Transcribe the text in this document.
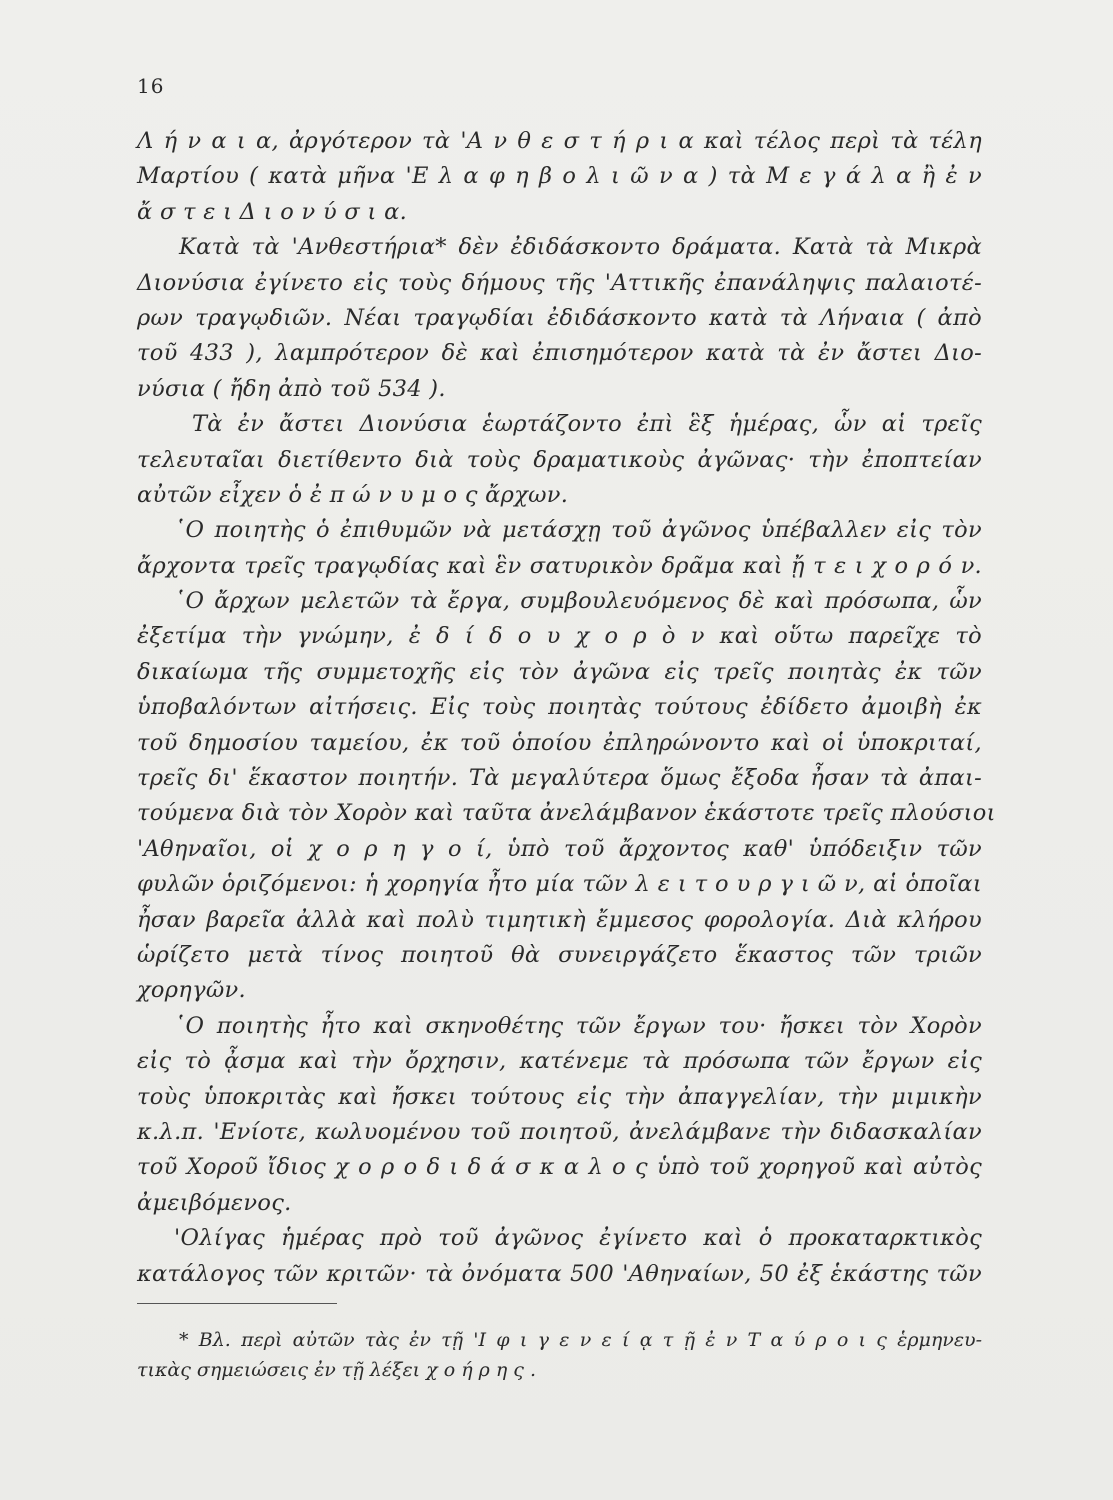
16
Λ ή ν α ι α, ἀργότερον τὰ 'Α ν θ ε σ τ ή ρ ι α καὶ τέλος περὶ τὰ τέλη
Μαρτίου ( κατὰ μῆνα 'Ε λ α φ η β ο λ ι ῶ ν α ) τὰ Μ ε γ ά λ α ἢ ἐ ν
ἄ σ τ ε ι Δ ι ο ν ύ σ ι α.
Κατὰ τὰ 'Ανθεστήρια* δὲν ἐδιδάσκοντο δράματα. Κατὰ τὰ Μικρὰ
Διονύσια ἐγίνετο εἰς τοὺς δήμους τῆς 'Αττικῆς ἐπανάληψις παλαιοτέ-
ρων τραγῳδιῶν. Νέαι τραγῳδίαι ἐδιδάσκοντο κατὰ τὰ Λήναια ( ἀπὸ
τοῦ 433 ), λαμπρότερον δὲ καὶ ἐπισημότερον κατὰ τὰ ἐν ἄστει Διο-
νύσια ( ἤδη ἀπὸ τοῦ 534 ).
Τὰ ἐν ἄστει Διονύσια ἑωρτάζοντο ἐπὶ ἓξ ἡμέρας, ὧν αἱ τρεῖς
τελευταῖαι διετίθεντο διὰ τοὺς δραματικοὺς ἀγῶνας· τὴν ἐποπτείαν
αὐτῶν εἶχεν ὁ ἐ π ώ ν υ μ ο ς ἄρχων.
῾Ο ποιητὴς ὁ ἐπιθυμῶν νὰ μετάσχῃ τοῦ ἀγῶνος ὑπέβαλλεν εἰς τὸν
ἄρχοντα τρεῖς τραγῳδίας καὶ ἓν σατυρικὸν δρᾶμα καὶ ᾔ τ ε ι χ ο ρ ό ν.
῾Ο ἄρχων μελετῶν τὰ ἔργα, συμβουλευόμενος δὲ καὶ πρόσωπα, ὧν
ἐξετίμα τὴν γνώμην, ἐ δ ί δ ο υ χ ο ρ ὸ ν καὶ οὕτω παρεῖχε τὸ
δικαίωμα τῆς συμμετοχῆς εἰς τὸν ἀγῶνα εἰς τρεῖς ποιητὰς ἐκ τῶν
ὑποβαλόντων αἰτήσεις. Εἰς τοὺς ποιητὰς τούτους ἐδίδετο ἀμοιβὴ ἐκ
τοῦ δημοσίου ταμείου, ἐκ τοῦ ὁποίου ἐπληρώνοντο καὶ οἱ ὑποκριταί,
τρεῖς δι' ἕκαστον ποιητήν. Τὰ μεγαλύτερα ὅμως ἔξοδα ἦσαν τὰ ἀπαι-
τούμενα διὰ τὸν Χορὸν καὶ ταῦτα ἀνελάμβανον ἑκάστοτε τρεῖς πλούσιοι
'Αθηναῖοι, οἱ χ ο ρ η γ ο ί, ὑπὸ τοῦ ἄρχοντος καθ' ὑπόδειξιν τῶν
φυλῶν ὁριζόμενοι: ἡ χορηγία ἦτο μία τῶν λ ε ι τ ο υ ρ γ ι ῶ ν, αἱ ὁποῖαι
ἦσαν βαρεῖα ἀλλὰ καὶ πολὺ τιμητικὴ ἔμμεσος φορολογία. Διὰ κλήρου
ὡρίζετο μετὰ τίνος ποιητοῦ θὰ συνειργάζετο ἕκαστος τῶν τριῶν
χορηγῶν.
῾Ο ποιητὴς ἦτο καὶ σκηνοθέτης τῶν ἔργων του· ἤσκει τὸν Χορὸν
εἰς τὸ ᾆσμα καὶ τὴν ὄρχησιν, κατένεμε τὰ πρόσωπα τῶν ἔργων εἰς
τοὺς ὑποκριτὰς καὶ ἤσκει τούτους εἰς τὴν ἀπαγγελίαν, τὴν μιμικὴν
κ.λ.π. 'Ενίοτε, κωλυομένου τοῦ ποιητοῦ, ἀνελάμβανε τὴν διδασκαλίαν
τοῦ Χοροῦ ἴδιος χ ο ρ ο δ ι δ ά σ κ α λ ο ς ὑπὸ τοῦ χορηγοῦ καὶ αὐτὸς
ἀμειβόμενος.
'Ολίγας ἡμέρας πρὸ τοῦ ἀγῶνος ἐγίνετο καὶ ὁ προκαταρκτικὸς
κατάλογος τῶν κριτῶν· τὰ ὀνόματα 500 'Αθηναίων, 50 ἐξ ἑκάστης τῶν
* Βλ. περὶ αὐτῶν τὰς ἐν τῇ 'Ι φ ι γ ε ν ε ί ᾳ τ ῇ ἐ ν Τ α ύ ρ ο ι ς ἑρμηνευ-
τικὰς σημειώσεις ἐν τῇ λέξει χ ο ή ρ η ς .
